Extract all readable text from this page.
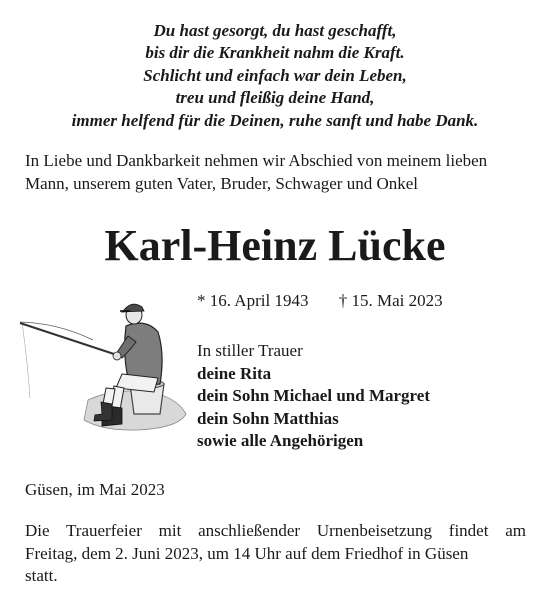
Du hast gesorgt, du hast geschafft,
bis dir die Krankheit nahm die Kraft.
Schlicht und einfach war dein Leben,
treu und fleißig deine Hand,
immer helfend für die Deinen, ruhe sanft und habe Dank.
In Liebe und Dankbarkeit nehmen wir Abschied von meinem lieben
Mann, unserem guten Vater, Bruder, Schwager und Onkel
Karl-Heinz Lücke
* 16. April 1943 † 15. Mai 2023
In stiller Trauer
deine Rita
dein Sohn Michael und Margret
dein Sohn Matthias
sowie alle Angehörigen
Güsen, im Mai 2023
Die Trauerfeier mit anschließender Urnenbeisetzung findet am
Freitag, dem 2. Juni 2023, um 14 Uhr auf dem Friedhof in Güsen
statt.
